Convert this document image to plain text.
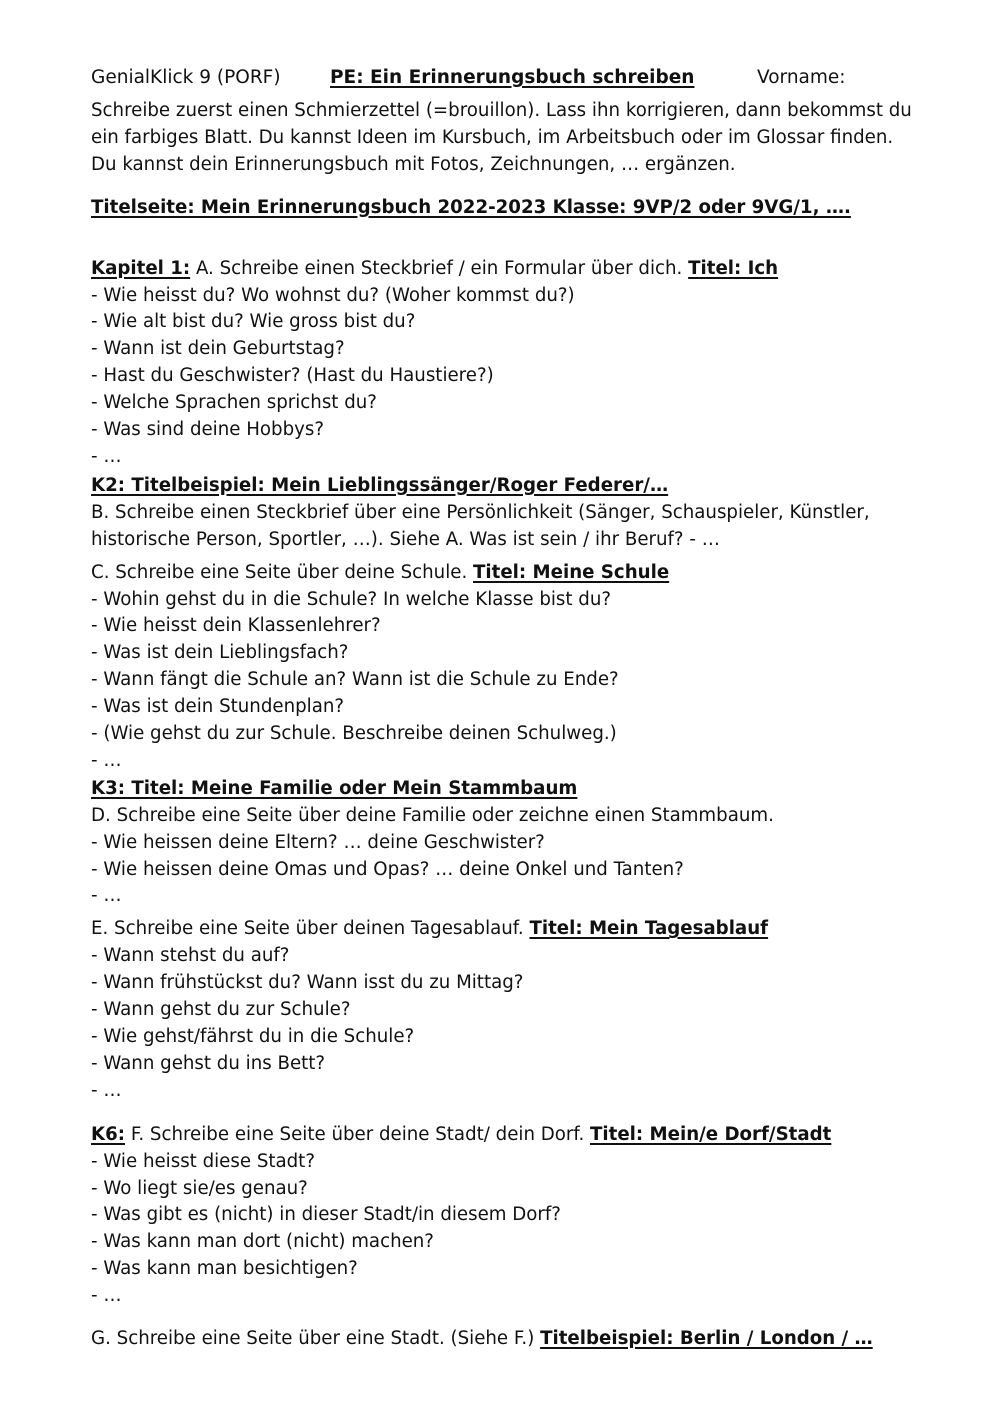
GenialKlick 9 (PORF)	PE: Ein Erinnerungsbuch schreiben	Vorname:
Schreibe zuerst einen Schmierzettel (=brouillon). Lass ihn korrigieren, dann bekommst du
ein farbiges Blatt. Du kannst Ideen im Kursbuch, im Arbeitsbuch oder im Glossar finden.
Du kannst dein Erinnerungsbuch mit Fotos, Zeichnungen, … ergänzen.
Titelseite: Mein Erinnerungsbuch 2022-2023 Klasse: 9VP/2 oder 9VG/1, ….
Kapitel 1: A. Schreibe einen Steckbrief / ein Formular über dich. Titel: Ich
- Wie heisst du? Wo wohnst du? (Woher kommst du?)
- Wie alt bist du? Wie gross bist du?
- Wann ist dein Geburtstag?
- Hast du Geschwister? (Hast du Haustiere?)
- Welche Sprachen sprichst du?
- Was sind deine Hobbys?
- …
K2: Titelbeispiel: Mein Lieblingssänger/Roger Federer/…
B. Schreibe einen Steckbrief über eine Persönlichkeit (Sänger, Schauspieler, Künstler,
historische Person, Sportler, …). Siehe A. Was ist sein / ihr Beruf? - …
C. Schreibe eine Seite über deine Schule. Titel: Meine Schule
- Wohin gehst du in die Schule? In welche Klasse bist du?
- Wie heisst dein Klassenlehrer?
- Was ist dein Lieblingsfach?
- Wann fängt die Schule an? Wann ist die Schule zu Ende?
- Was ist dein Stundenplan?
- (Wie gehst du zur Schule. Beschreibe deinen Schulweg.)
- …
K3: Titel: Meine Familie oder Mein Stammbaum
D. Schreibe eine Seite über deine Familie oder zeichne einen Stammbaum.
- Wie heissen deine Eltern? … deine Geschwister?
- Wie heissen deine Omas und Opas? … deine Onkel und Tanten?
- …
E. Schreibe eine Seite über deinen Tagesablauf. Titel: Mein Tagesablauf
- Wann stehst du auf?
- Wann frühstückst du? Wann isst du zu Mittag?
- Wann gehst du zur Schule?
- Wie gehst/fährst du in die Schule?
- Wann gehst du ins Bett?
- …
K6: F. Schreibe eine Seite über deine Stadt/ dein Dorf. Titel: Mein/e Dorf/Stadt
- Wie heisst diese Stadt?
- Wo liegt sie/es genau?
- Was gibt es (nicht) in dieser Stadt/in diesem Dorf?
- Was kann man dort (nicht) machen?
- Was kann man besichtigen?
- …
G. Schreibe eine Seite über eine Stadt. (Siehe F.) Titelbeispiel: Berlin / London / …
